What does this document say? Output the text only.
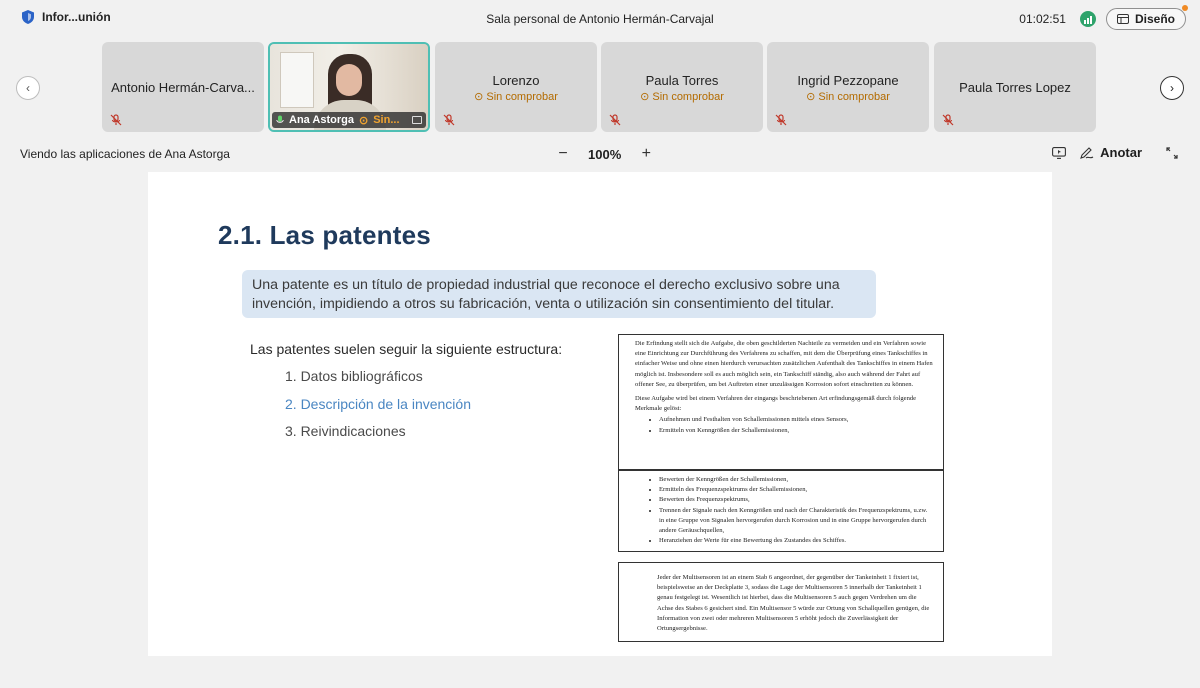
Infor...unión	Sala personal de Antonio Hermán-Carvajal	01:02:51	Diseño
‹	Antonio Hermán-Carva...
Ana Astorga ⊙ Sin...
Lorenzo
⊙ Sin comprobar
Paula Torres
⊙ Sin comprobar
Ingrid Pezzopane
⊙ Sin comprobar
Paula Torres Lopez	›
Viendo las aplicaciones de Ana Astorga	− 100% +	Anotar
2.1. Las patentes
Una patente es un título de propiedad industrial que reconoce el derecho exclusivo sobre una invención, impidiendo a otros su fabricación, venta o utilización sin consentimiento del titular.
Las patentes suelen seguir la siguiente estructura:
1. Datos bibliográficos
2. Descripción de la invención
3. Reivindicaciones

Die Erfindung stellt sich die Aufgabe, die oben geschilderten Nachteile zu vermeiden und ein Verfahren sowie eine Einrichtung zur Durchführung des Verfahrens zu schaffen, mit dem die Überprüfung eines Tankschiffes in einfacher Weise und ohne einen hierdurch verursachten zusätzlichen Aufenthalt des Tankschiffes in einem Hafen möglich ist. Insbesondere soll es auch möglich sein, ein Tankschiff ständig, also auch während der Fahrt auf offener See, zu überprüfen, um bei Auftreten einer unzulässigen Korrosion sofort einschreiten zu können.

Diese Aufgabe wird bei einem Verfahren der eingangs beschriebenen Art erfindungsgemäß durch folgende Merkmale gelöst:

• Aufnehmen und Festhalten von Schallemissionen mittels eines Sensors,
• Ermitteln von Kenngrößen der Schallemissionen,
• Bewerten der Kenngrößen der Schallemissionen,
• Ermitteln des Frequenzspektrums der Schallemissionen,
• Bewerten des Frequenzspektrums,
• Trennen der Signale nach den Kenngrößen und nach der Charakteristik des Frequenzspektrums, u.zw. in eine Gruppe von Signalen hervorgerufen durch Korrosion und in eine Gruppe hervorgerufen durch andere Geräuschquellen,
• Heranziehen der Werte für eine Bewertung des Zustandes des Schiffes.
Jeder der Multisensoren ist an einem Stab 6 angeordnet, der gegenüber der Tankeinheit 1 fixiert ist, beispielsweise an der Deckplatte 3, sodass die Lage der Multisensoren 5 innerhalb der Tankeinheit 1 genau festgelegt ist. Wesentlich ist hierbei, dass die Multisensoren 5 auch gegen Verdrehen um die Achse des Stabes 6 gesichert sind. Ein Multisensor 5 würde zur Ortung von Schallquellen genügen, die Information von zwei oder mehreren Multisensoren 5 erhöht jedoch die Zuverlässigkeit der Ortungsergebnisse.
